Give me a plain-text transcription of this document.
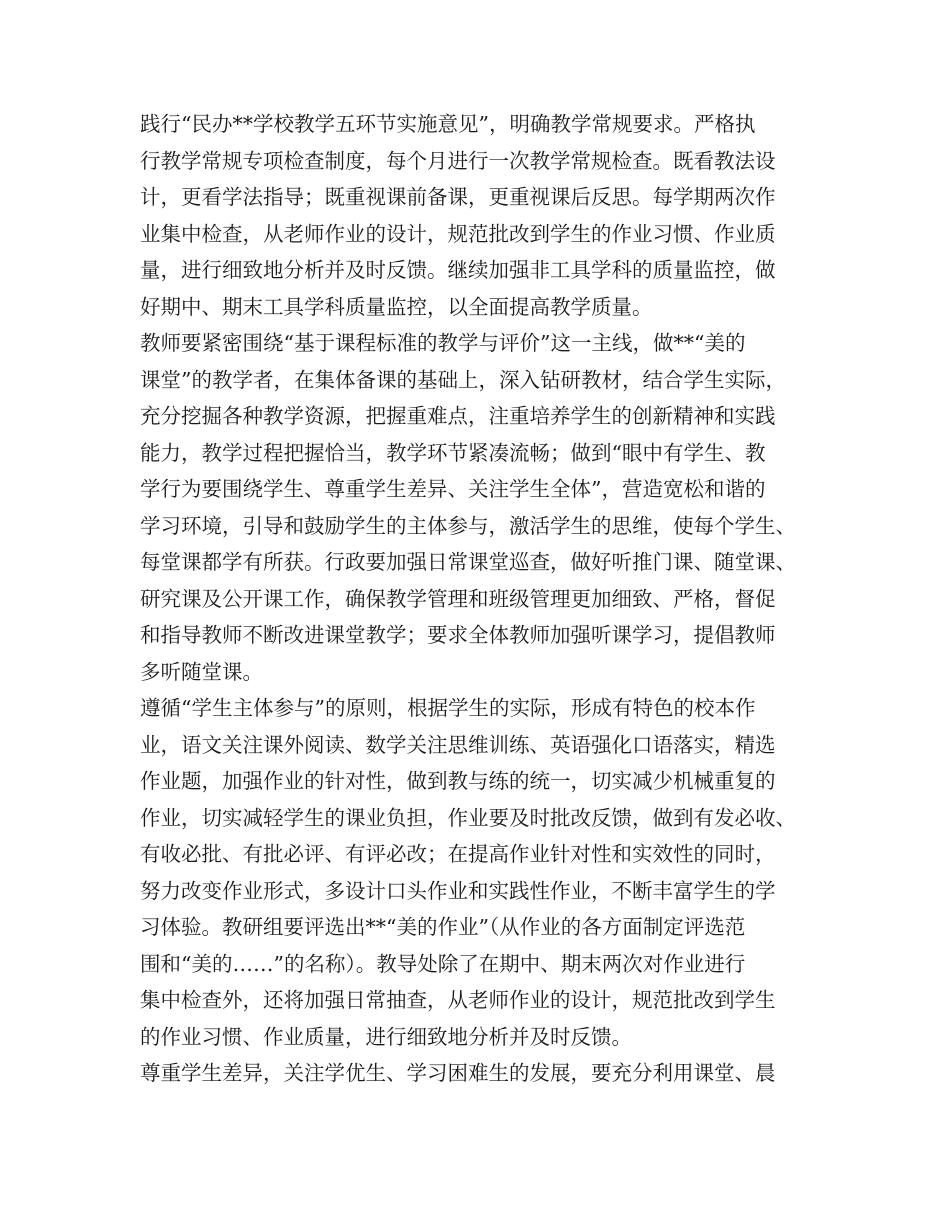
践行“民办**学校教学五环节实施意见”，明确教学常规要求。严格执
行教学常规专项检查制度，每个月进行一次教学常规检查。既看教法设
计，更看学法指导；既重视课前备课，更重视课后反思。每学期两次作
业集中检查，从老师作业的设计，规范批改到学生的作业习惯、作业质
量，进行细致地分析并及时反馈。继续加强非工具学科的质量监控，做
好期中、期末工具学科质量监控，以全面提高教学质量。
教师要紧密围绕“基于课程标准的教学与评价”这一主线，做**“美的
课堂”的教学者，在集体备课的基础上，深入钻研教材，结合学生实际，
充分挖掘各种教学资源，把握重难点，注重培养学生的创新精神和实践
能力，教学过程把握恰当，教学环节紧凑流畅；做到“眼中有学生、教
学行为要围绕学生、尊重学生差异、关注学生全体”，营造宽松和谐的
学习环境，引导和鼓励学生的主体参与，激活学生的思维，使每个学生、
每堂课都学有所获。行政要加强日常课堂巡查，做好听推门课、随堂课、
研究课及公开课工作，确保教学管理和班级管理更加细致、严格，督促
和指导教师不断改进课堂教学；要求全体教师加强听课学习，提倡教师
多听随堂课。
遵循“学生主体参与”的原则，根据学生的实际，形成有特色的校本作
业，语文关注课外阅读、数学关注思维训练、英语强化口语落实，精选
作业题，加强作业的针对性，做到教与练的统一，切实减少机械重复的
作业，切实减轻学生的课业负担，作业要及时批改反馈，做到有发必收、
有收必批、有批必评、有评必改；在提高作业针对性和实效性的同时，
努力改变作业形式，多设计口头作业和实践性作业，不断丰富学生的学
习体验。教研组要评选出**“美的作业”（从作业的各方面制定评选范
围和“美的……”的名称）。教导处除了在期中、期末两次对作业进行
集中检查外，还将加强日常抽查，从老师作业的设计，规范批改到学生
的作业习惯、作业质量，进行细致地分析并及时反馈。
尊重学生差异，关注学优生、学习困难生的发展，要充分利用课堂、晨
